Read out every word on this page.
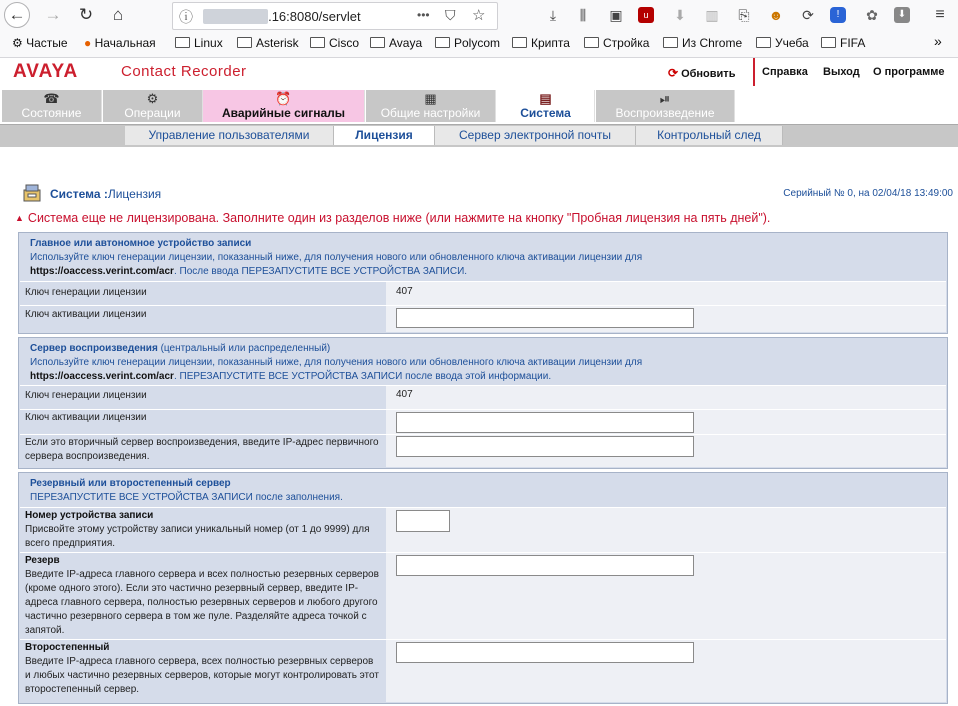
← →	↻	⌂	ⓘ	.16:8080/servlet	••• ⛉ ☆	⤓	⫼	▣	u	⬇ ▥	⎘	☻ ⟳	!	✿	⬇	≡
⚙ Частые ● Начальная	Linux	Asterisk	Cisco	Avaya	Polycom	Крипта	Стройка	Из Chrome	Учеба	FIFA	»
AVAYA	Contact Recorder	⟳ Обновить Справка Выход О программе
☎
Состояние
⚙
Операции
⏰
Аварийные сигналы
▦
Общие настройки
▤
Система
⏯
Воспроизведение
Управление пользователями	Лицензия	Сервер электронной почты	Контрольный след
Система :Лицензия	Серийный № 0, на 02/04/18 13:49:00
▲ Система еще не лицензирована. Заполните один из разделов ниже (или нажмите на кнопку "Пробная лицензия на пять дней").
Главное или автономное устройство записи
Используйте ключ генерации лицензии, показанный ниже, для получения нового или обновленного ключа активации лицензии для
https://oaccess.verint.com/acr. После ввода ПЕРЕЗАПУСТИТЕ ВСЕ УСТРОЙСТВА ЗАПИСИ.
Ключ генерации лицензии	407
Ключ активации лицензии
Сервер воспроизведения (центральный или распределенный)
Используйте ключ генерации лицензии, показанный ниже, для получения нового или обновленного ключа активации лицензии для
https://oaccess.verint.com/acr. ПЕРЕЗАПУСТИТЕ ВСЕ УСТРОЙСТВА ЗАПИСИ после ввода этой информации.
Ключ генерации лицензии	407
Ключ активации лицензии
Если это вторичный сервер воспроизведения, введите IP-адрес первичного сервера воспроизведения.
Резервный или второстепенный сервер
ПЕРЕЗАПУСТИТЕ ВСЕ УСТРОЙСТВА ЗАПИСИ после заполнения.
Номер устройства записи
Присвойте этому устройству записи уникальный номер (от 1 до 9999) для всего предприятия.
Резерв
Введите IP-адреса главного сервера и всех полностью резервных серверов (кроме одного этого). Если это частично резервный сервер, введите IP-адреса главного сервера, полностью резервных серверов и любого другого частично резервного сервера в том же пуле. Разделяйте адреса точкой с запятой.
Второстепенный
Введите IP-адреса главного сервера, всех полностью резервных серверов и любых частично резервных серверов, которые могут контролировать этот второстепенный сервер.
